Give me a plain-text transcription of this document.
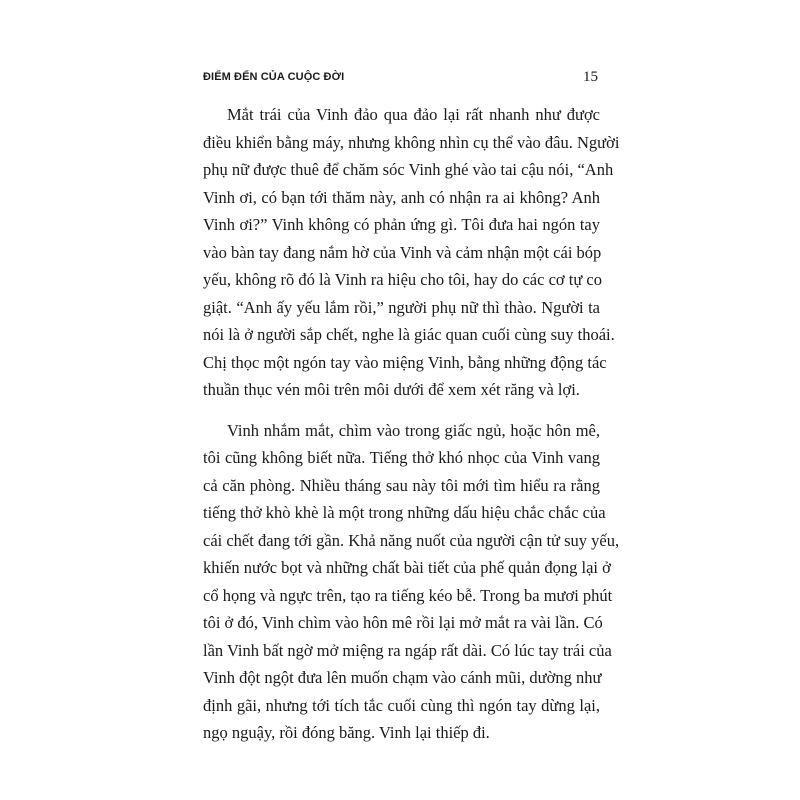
ĐIỂM ĐẾN CỦA CUỘC ĐỜI	15
Mắt trái của Vinh đảo qua đảo lại rất nhanh như được
điều khiển bằng máy, nhưng không nhìn cụ thể vào đâu. Người
phụ nữ được thuê để chăm sóc Vinh ghé vào tai cậu nói, “Anh
Vinh ơi, có bạn tới thăm này, anh có nhận ra ai không? Anh
Vinh ơi?” Vinh không có phản ứng gì. Tôi đưa hai ngón tay
vào bàn tay đang nắm hờ của Vinh và cảm nhận một cái bóp
yếu, không rõ đó là Vinh ra hiệu cho tôi, hay do các cơ tự co
giật. “Anh ấy yếu lắm rồi,” người phụ nữ thì thào. Người ta
nói là ở người sắp chết, nghe là giác quan cuối cùng suy thoái.
Chị thọc một ngón tay vào miệng Vinh, bằng những động tác
thuần thục vén môi trên môi dưới để xem xét răng và lợi.
Vinh nhắm mắt, chìm vào trong giấc ngủ, hoặc hôn mê,
tôi cũng không biết nữa. Tiếng thở khó nhọc của Vinh vang
cả căn phòng. Nhiều tháng sau này tôi mới tìm hiểu ra rằng
tiếng thở khò khè là một trong những dấu hiệu chắc chắc của
cái chết đang tới gần. Khả năng nuốt của người cận tử suy yếu,
khiến nước bọt và những chất bài tiết của phế quản đọng lại ở
cổ họng và ngực trên, tạo ra tiếng kéo bễ. Trong ba mươi phút
tôi ở đó, Vinh chìm vào hôn mê rồi lại mở mắt ra vài lần. Có
lần Vinh bất ngờ mở miệng ra ngáp rất dài. Có lúc tay trái của
Vinh đột ngột đưa lên muốn chạm vào cánh mũi, dường như
định gãi, nhưng tới tích tắc cuối cùng thì ngón tay dừng lại,
ngọ nguậy, rồi đóng băng. Vinh lại thiếp đi.
